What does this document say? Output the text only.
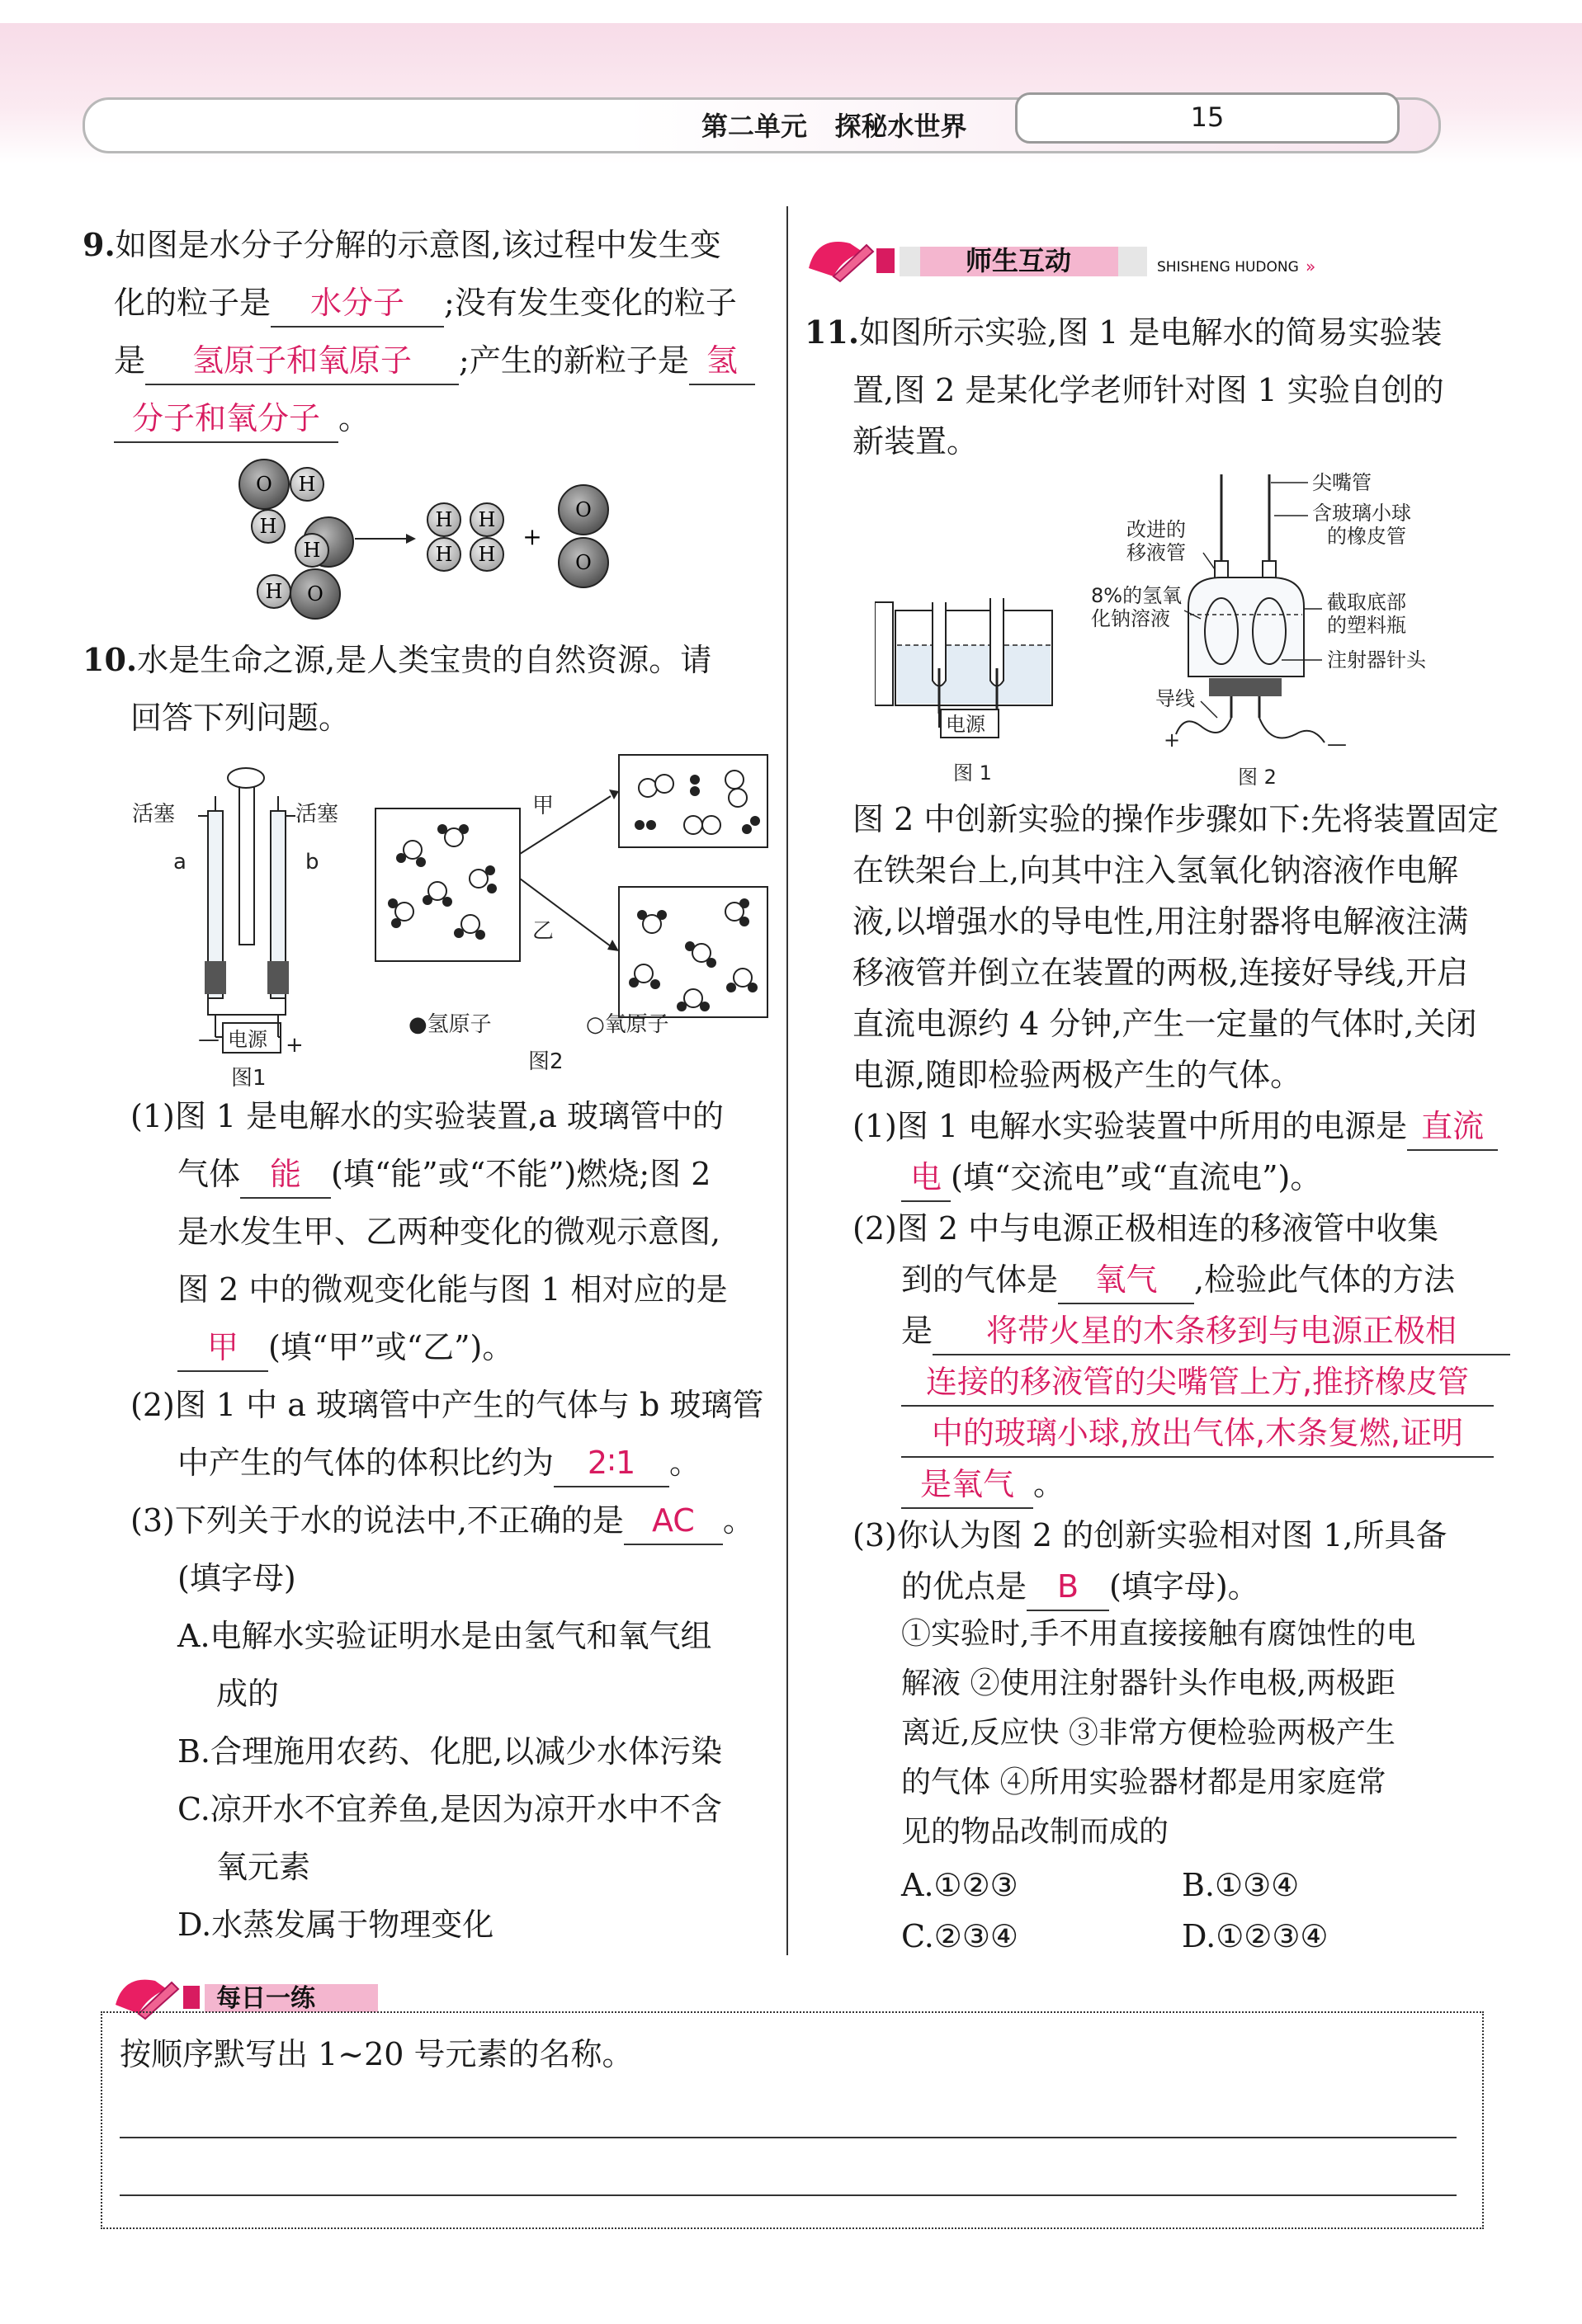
第二单元 探秘水世界	15
9.如图是水分子分解的示意图,该过程中发生变
化的粒子是 水分子 ;没有发生变化的粒子
是 氢原子和氧原子 ;产生的新粒子是 氢
分子和氧分子 。
O H
H
H
H O
H
H
H
H
+
O
O
10.水是生命之源,是人类宝贵的自然资源。请
回答下列问题。
活塞	活塞
a	b
电源
—	+
图1
甲
乙
●氢原子	○氧原子
图2
(1)图 1 是电解水的实验装置,a 玻璃管中的
气体 能 (填“能”或“不能”)燃烧;图 2
是水发生甲、乙两种变化的微观示意图,
图 2 中的微观变化能与图 1 相对应的是
甲 (填“甲”或“乙”)。
(2)图 1 中 a 玻璃管中产生的气体与 b 玻璃管
中产生的气体的体积比约为 2∶1 。
(3)下列关于水的说法中,不正确的是 AC 。
(填字母)
A.电解水实验证明水是由氢气和氧气组
成的
B.合理施用农药、化肥,以减少水体污染
C.凉开水不宜养鱼,是因为凉开水中不含
氧元素
D.水蒸发属于物理变化
师生互动	SHISHENG HUDONG »
11.如图所示实验,图 1 是电解水的简易实验装
置,图 2 是某化学老师针对图 1 实验自创的
新装置。
电源
图 1
+	—
尖嘴管
含玻璃小球
的橡皮管
改进的
移液管
8%的氢氧
化钠溶液
截取底部
的塑料瓶
注射器针头
导线
图 2
图 2 中创新实验的操作步骤如下:先将装置固定
在铁架台上,向其中注入氢氧化钠溶液作电解
液,以增强水的导电性,用注射器将电解液注满
移液管并倒立在装置的两极,连接好导线,开启
直流电源约 4 分钟,产生一定量的气体时,关闭
电源,随即检验两极产生的气体。
(1)图 1 电解水实验装置中所用的电源是 直流
电 (填“交流电”或“直流电”)。
(2)图 2 中与电源正极相连的移液管中收集
到的气体是 氧气 ,检验此气体的方法
是 将带火星的木条移到与电源正极相
连接的移液管的尖嘴管上方,推挤橡皮管
中的玻璃小球,放出气体,木条复燃,证明
是氧气 。
(3)你认为图 2 的创新实验相对图 1,所具备
的优点是 B (填字母)。
①实验时,手不用直接接触有腐蚀性的电
解液 ②使用注射器针头作电极,两极距
离近,反应快 ③非常方便检验两极产生
的气体 ④所用实验器材都是用家庭常
见的物品改制而成的
A.①②③	B.①③④
C.②③④	D.①②③④
每日一练
按顺序默写出 1~20 号元素的名称。
